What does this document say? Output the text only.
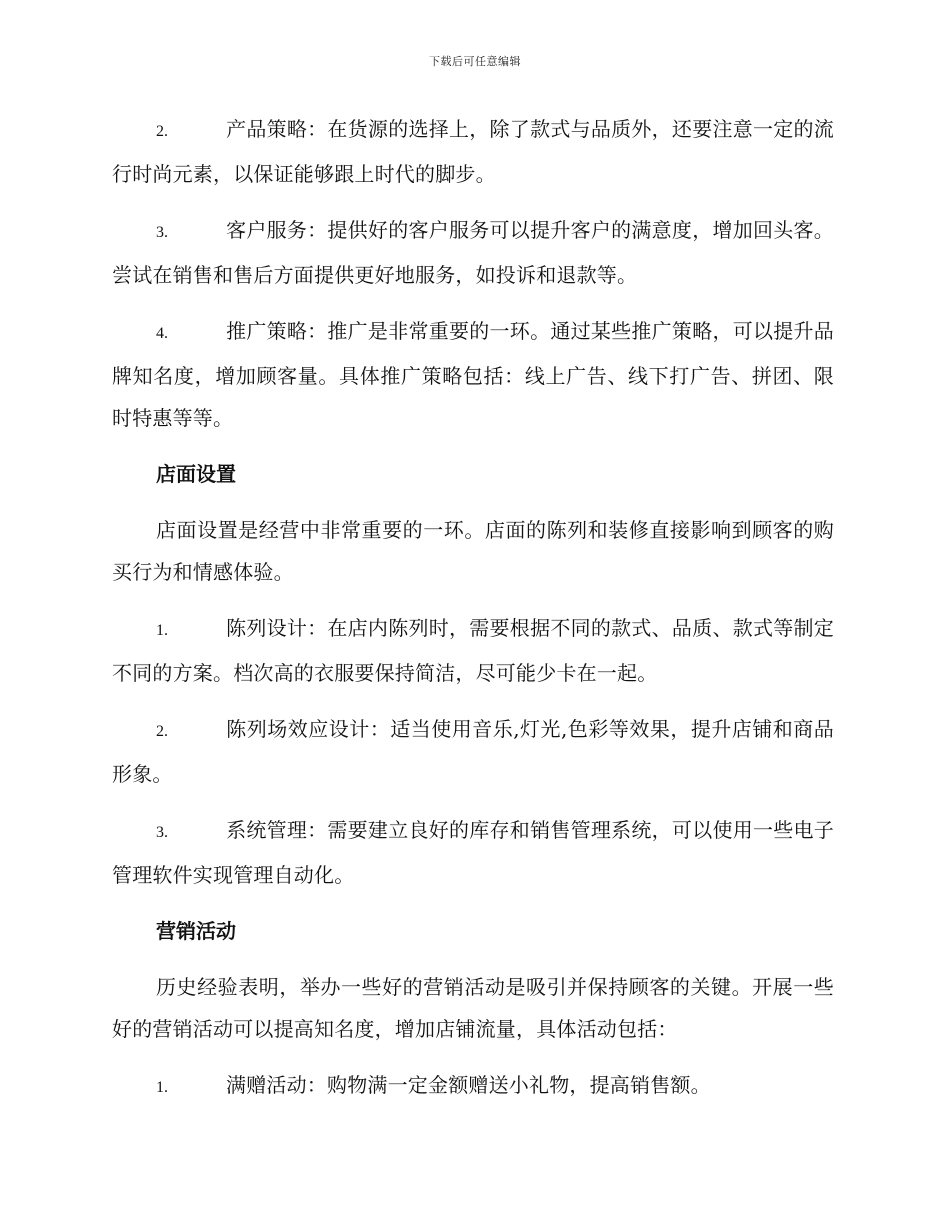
下载后可任意编辑
2.	产品策略：在货源的选择上，除了款式与品质外，还要注意一定的流行时尚元素，以保证能够跟上时代的脚步。
3.	客户服务：提供好的客户服务可以提升客户的满意度，增加回头客。尝试在销售和售后方面提供更好地服务，如投诉和退款等。
4.	推广策略：推广是非常重要的一环。通过某些推广策略，可以提升品牌知名度，增加顾客量。具体推广策略包括：线上广告、线下打广告、拼团、限时特惠等等。
店面设置
店面设置是经营中非常重要的一环。店面的陈列和装修直接影响到顾客的购买行为和情感体验。
1.	陈列设计：在店内陈列时，需要根据不同的款式、品质、款式等制定不同的方案。档次高的衣服要保持简洁，尽可能少卡在一起。
2.	陈列场效应设计：适当使用音乐,灯光,色彩等效果，提升店铺和商品形象。
3.	系统管理：需要建立良好的库存和销售管理系统，可以使用一些电子管理软件实现管理自动化。
营销活动
历史经验表明，举办一些好的营销活动是吸引并保持顾客的关键。开展一些好的营销活动可以提高知名度，增加店铺流量，具体活动包括：
1.	满赠活动：购物满一定金额赠送小礼物，提高销售额。
